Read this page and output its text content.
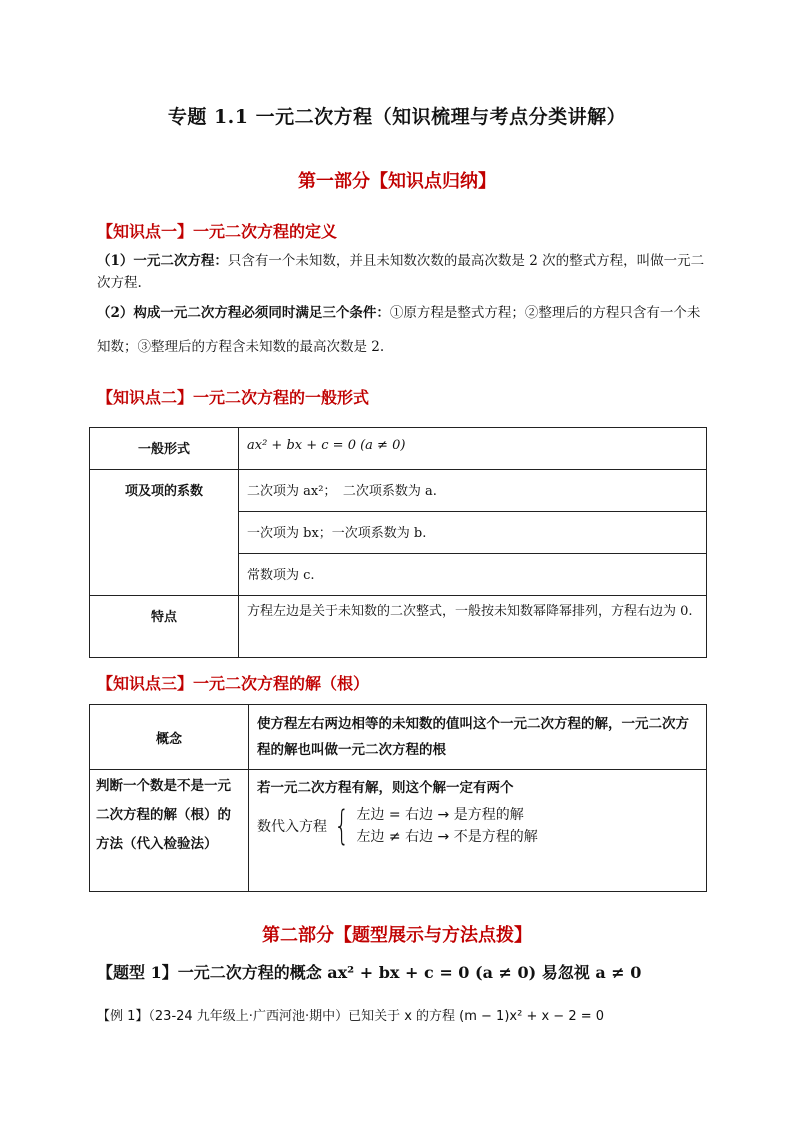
专题 1.1 一元二次方程（知识梳理与考点分类讲解）
第一部分【知识点归纳】
【知识点一】一元二次方程的定义
（1）一元二次方程：只含有一个未知数，并且未知数次数的最高次数是 2 次的整式方程，叫做一元二次方程.
（2）构成一元二次方程必须同时满足三个条件：①原方程是整式方程；②整理后的方程只含有一个未知数；③整理后的方程含未知数的最高次数是 2.
【知识点二】一元二次方程的一般形式
一般形式	ax² + bx + c = 0 (a ≠ 0)
项及项的系数	二次项为 ax²；　二次项系数为 a.
	一次项为 bx；一次项系数为 b.
	常数项为 c.
特点	方程左边是关于未知数的二次整式，一般按未知数幂降幂排列，方程右边为 0.
【知识点三】一元二次方程的解（根）
概念	使方程左右两边相等的未知数的值叫这个一元二次方程的解，一元二次方程的解也叫做一元二次方程的根
判断一个数是不是一元二次方程的解（根）的方法（代入检验法）	若一元二次方程有解，则这个解一定有两个
数代入方程 { 左边 = 右边 → 是方程的解
左边 ≠ 右边 → 不是方程的解
第二部分【题型展示与方法点拨】
【题型 1】一元二次方程的概念 ax² + bx + c = 0 (a ≠ 0) 易忽视 a ≠ 0
【例 1】（23-24 九年级上·广西河池·期中）已知关于 x 的方程 (m − 1)x² + x − 2 = 0
